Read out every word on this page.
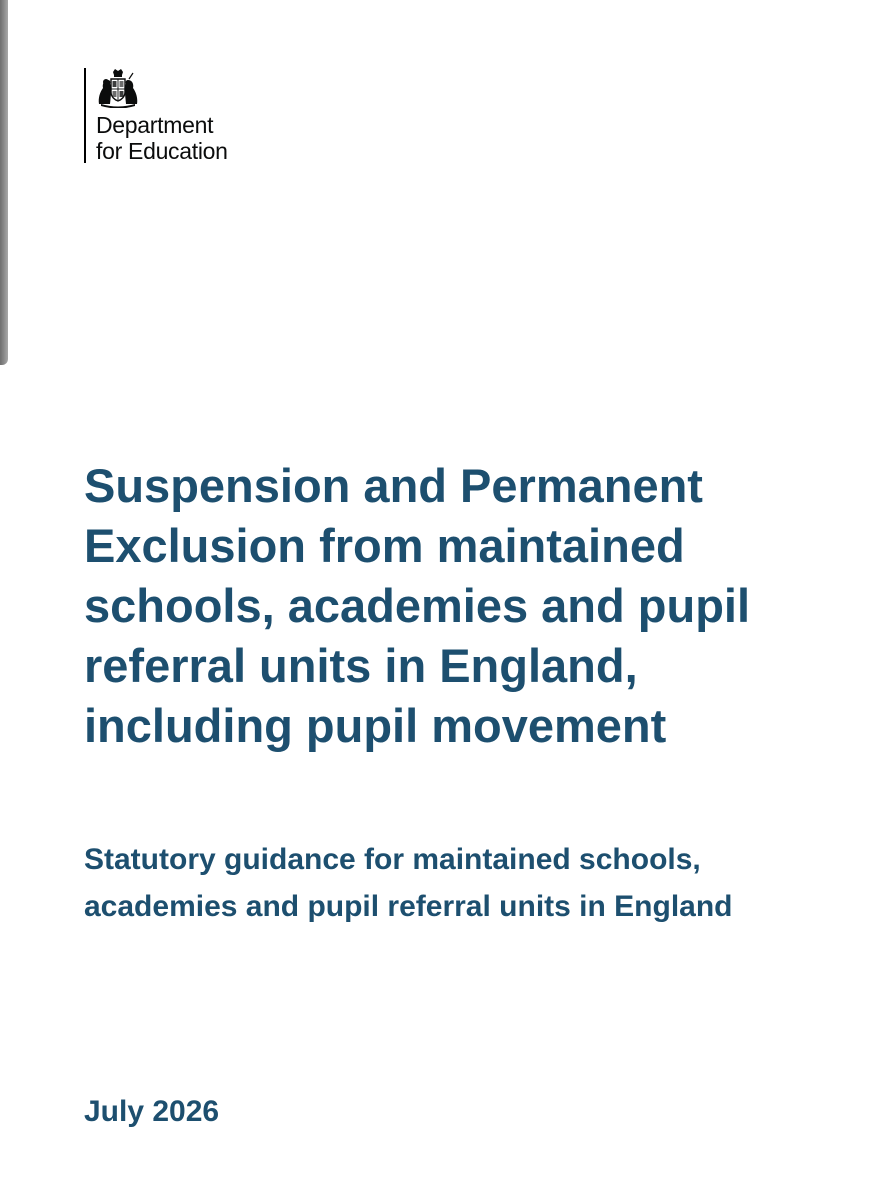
Department
for Education
Suspension and Permanent Exclusion from maintained schools, academies and pupil referral units in England, including pupil movement
Statutory guidance for maintained schools, academies and pupil referral units in England

July 2026
